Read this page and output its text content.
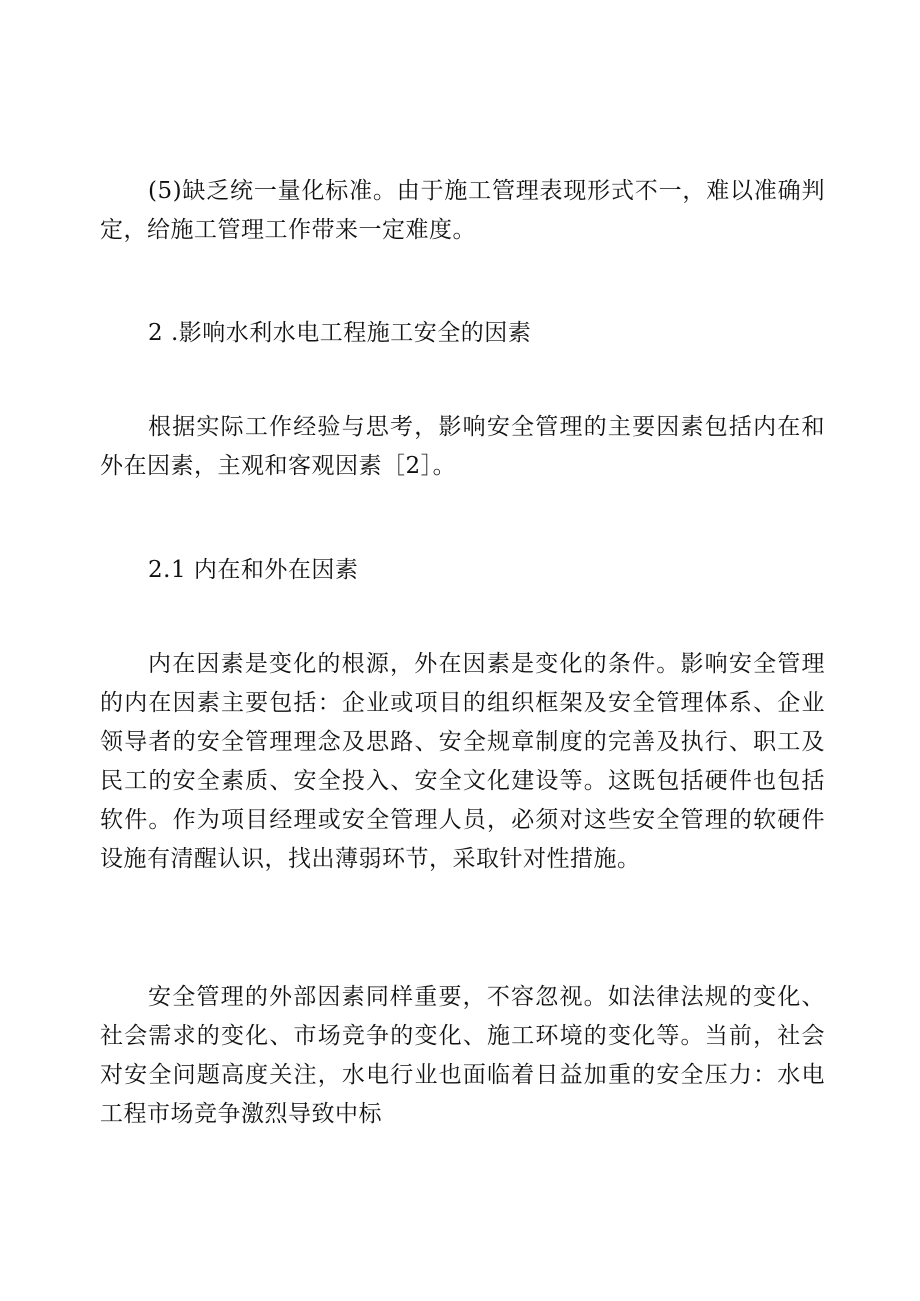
(5)缺乏统一量化标准。由于施工管理表现形式不一，难以准确判定，给施工管理工作带来一定难度。

2 .影响水利水电工程施工安全的因素

根据实际工作经验与思考，影响安全管理的主要因素包括内在和外在因素，主观和客观因素［2］。

2.1 内在和外在因素

内在因素是变化的根源，外在因素是变化的条件。影响安全管理的内在因素主要包括：企业或项目的组织框架及安全管理体系、企业领导者的安全管理理念及思路、安全规章制度的完善及执行、职工及民工的安全素质、安全投入、安全文化建设等。这既包括硬件也包括软件。作为项目经理或安全管理人员，必须对这些安全管理的软硬件设施有清醒认识，找出薄弱环节，采取针对性措施。

安全管理的外部因素同样重要，不容忽视。如法律法规的变化、社会需求的变化、市场竞争的变化、施工环境的变化等。当前，社会对安全问题高度关注，水电行业也面临着日益加重的安全压力：水电工程市场竞争激烈导致中标
